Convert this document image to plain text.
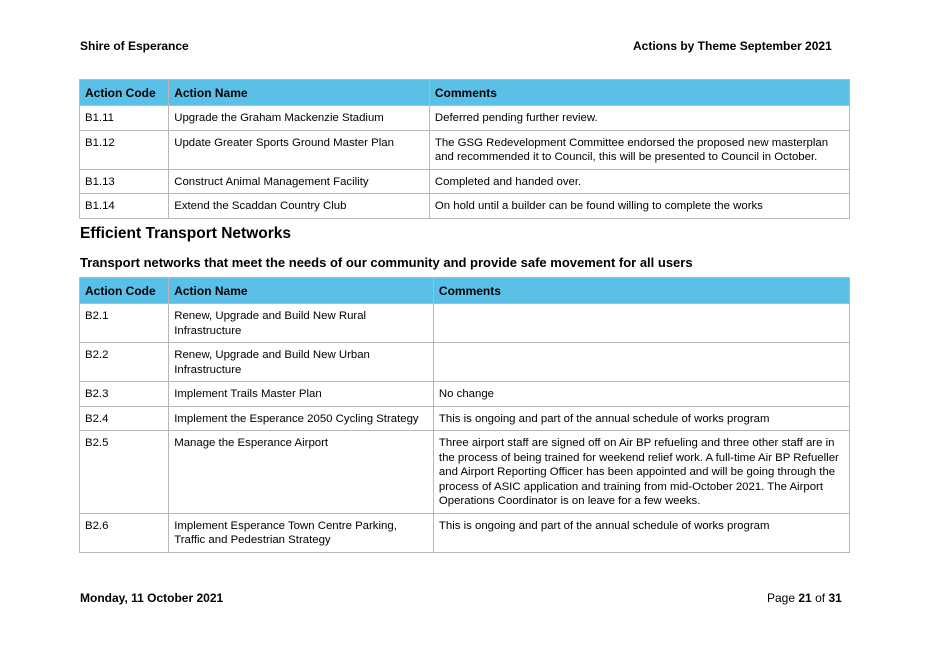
Shire of Esperance	Actions by Theme September 2021
Action Code	Action Name	Comments
B1.11	Upgrade the Graham Mackenzie Stadium	Deferred pending further review.
B1.12	Update Greater Sports Ground Master Plan	The GSG Redevelopment Committee endorsed the proposed new masterplan and recommended it to Council, this will be presented to Council in October.
B1.13	Construct Animal Management Facility	Completed and handed over.
B1.14	Extend the Scaddan Country Club	On hold until a builder can be found willing to complete the works
Efficient Transport Networks
Transport networks that meet the needs of our community and provide safe movement for all users
Action Code	Action Name	Comments
B2.1	Renew, Upgrade and Build New Rural Infrastructure	
B2.2	Renew, Upgrade and Build New Urban Infrastructure	
B2.3	Implement Trails Master Plan	No change
B2.4	Implement the Esperance 2050 Cycling Strategy	This is ongoing and part of the annual schedule of works program
B2.5	Manage the Esperance Airport	Three airport staff are signed off on Air BP refueling and three other staff are in the process of being trained for weekend relief work. A full-time Air BP Refueller and Airport Reporting Officer has been appointed and will be going through the process of ASIC application and training from mid-October 2021. The Airport Operations Coordinator is on leave for a few weeks.
B2.6	Implement Esperance Town Centre Parking, Traffic and Pedestrian Strategy	This is ongoing and part of the annual schedule of works program
Monday, 11 October 2021	Page 21 of 31
